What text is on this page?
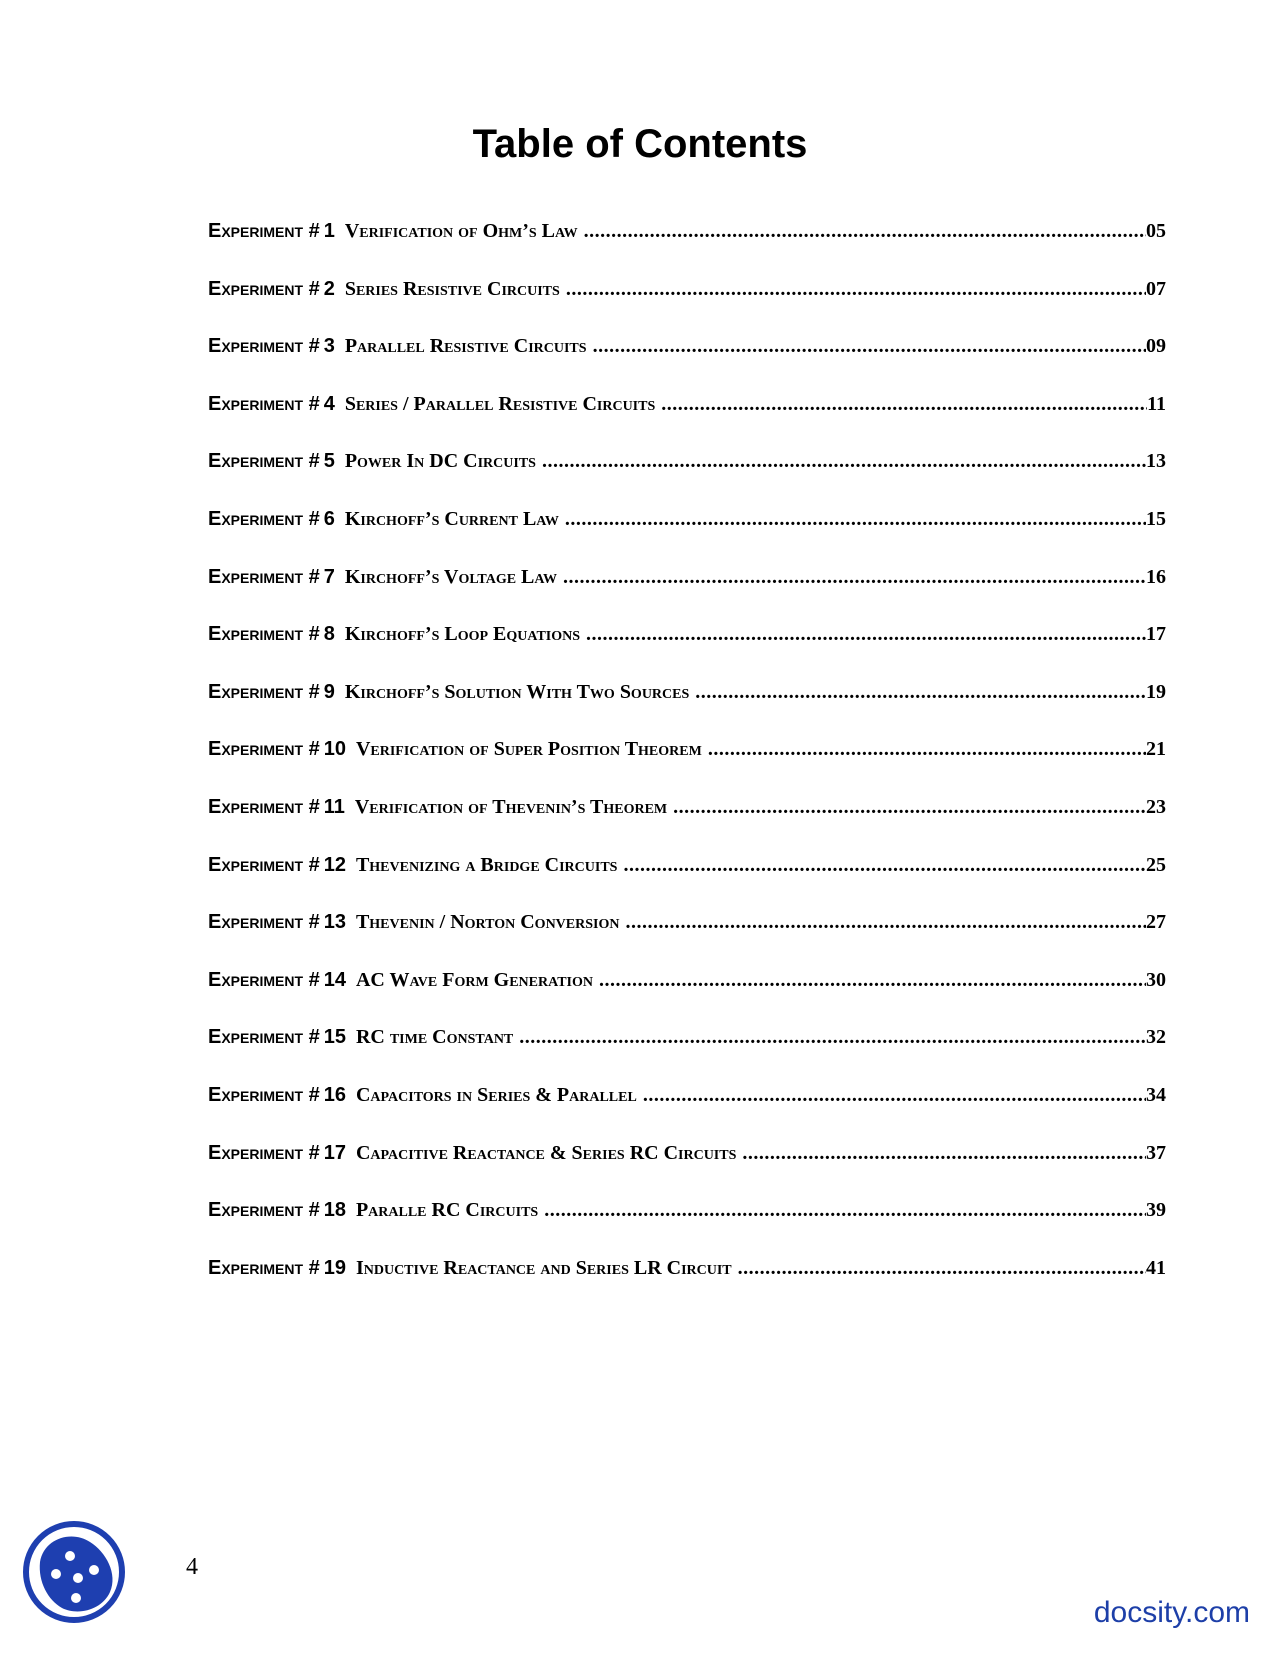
Table of Contents
Experiment # 1 Verification of Ohm’s Law .....	05
Experiment # 2 Series Resistive Circuits .....	07
Experiment # 3 Parallel Resistive Circuits .....	09
Experiment # 4 Series / Parallel Resistive Circuits .....	11
Experiment # 5 Power In DC Circuits .....	13
Experiment # 6 Kirchoff’s Current Law .....	15
Experiment # 7 Kirchoff’s Voltage Law .....	16
Experiment # 8 Kirchoff’s Loop Equations .....	17
Experiment # 9 Kirchoff’s Solution With Two Sources .....	19
Experiment # 10 Verification of Super Position Theorem .....	21
Experiment # 11 Verification of Thevenin’s Theorem .....	23
Experiment # 12 Thevenizing a Bridge Circuits .....	25
Experiment # 13 Thevenin / Norton Conversion .....	27
Experiment # 14 AC Wave Form Generation .....	30
Experiment # 15 RC time Constant .....	32
Experiment # 16 Capacitors in Series & Parallel .....	34
Experiment # 17 Capacitive Reactance & Series RC Circuits .....	37
Experiment # 18 Paralle RC Circuits .....	39
Experiment # 19 Inductive Reactance and Series LR Circuit .....	41
4
docsity.com
